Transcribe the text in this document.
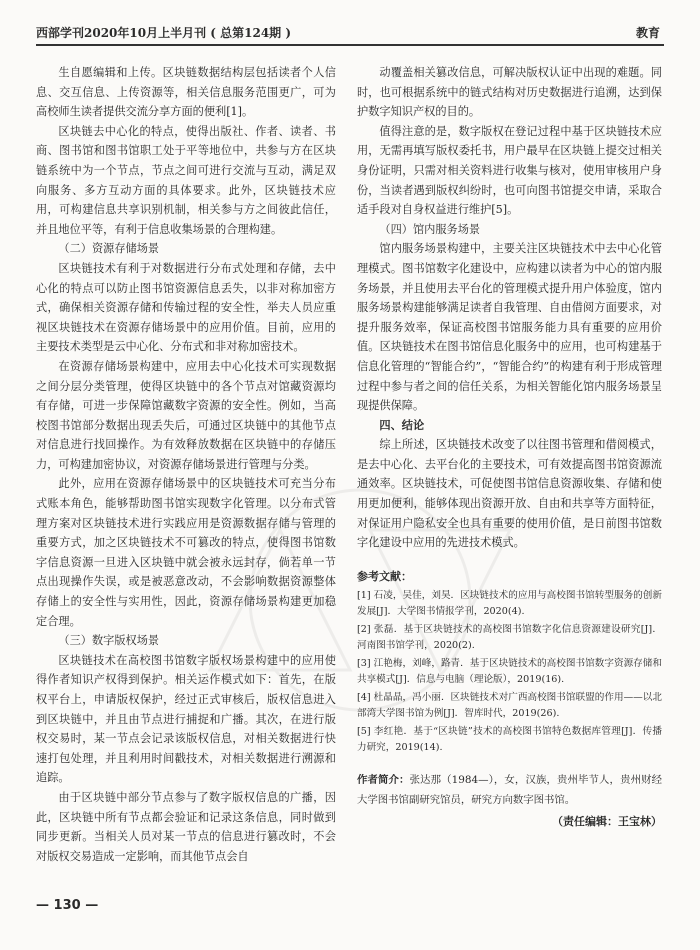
西部学刊2020年10月上半月刊 ( 总第124期 )	教育

生自愿编辑和上传。区块链数据结构层包括读者个人信息、交互信息、上传资源等，相关信息服务范围更广，可为高校师生读者提供交流分享方面的便利[1]。

区块链去中心化的特点，使得出版社、作者、读者、书商、图书馆和图书馆职工处于平等地位中，共参与方在区块链系统中为一个节点，节点之间可进行交流与互动，满足双向服务、多方互动方面的具体要求。此外，区块链技术应用，可构建信息共享识别机制，相关参与方之间彼此信任，并且地位平等，有利于信息收集场景的合理构建。

（二）资源存储场景

区块链技术有利于对数据进行分布式处理和存储，去中心化的特点可以防止图书馆资源信息丢失，以非对称加密方式，确保相关资源存储和传输过程的安全性，举夫人员应重视区块链技术在资源存储场景中的应用价值。目前，应用的主要技术类型是云中心化、分布式和非对称加密技术。

在资源存储场景构建中，应用去中心化技术可实现数据之间分层分类管理，使得区块链中的各个节点对馆藏资源均有存储，可进一步保障馆藏数字资源的安全性。例如，当高校图书馆部分数据出现丢失后，可通过区块链中的其他节点对信息进行找回操作。为有效释放数据在区块链中的存储压力，可构建加密协议，对资源存储场景进行管理与分类。

此外，应用在资源存储场景中的区块链技术可充当分布式账本角色，能够帮助图书馆实现数字化管理。以分布式管理方案对区块链技术进行实践应用是资源数据存储与管理的重要方式，加之区块链技术不可篡改的特点，使得图书馆数字信息资源一旦进入区块链中就会被永远封存，倘若单一节点出现操作失误，或是被恶意改动，不会影响数据资源整体存储上的安全性与实用性，因此，资源存储场景构建更加稳定合理。

（三）数字版权场景

区块链技术在高校图书馆数字版权场景构建中的应用使得作者知识产权得到保护。相关运作模式如下：首先，在版权平台上，申请版权保护，经过正式审核后，版权信息进入到区块链中，并且由节点进行捕捉和广播。其次，在进行版权交易时，某一节点会记录该版权信息，对相关数据进行快速打包处理，并且利用时间戳技术，对相关数据进行溯源和追踪。

由于区块链中部分节点参与了数字版权信息的广播，因此，区块链中所有节点都会验证和记录这条信息，同时做到同步更新。当相关人员对某一节点的信息进行篡改时，不会对版权交易造成一定影响，而其他节点会自

动覆盖相关篡改信息，可解决版权认证中出现的难题。同时，也可根据系统中的链式结构对历史数据进行追溯，达到保护数字知识产权的目的。

值得注意的是，数字版权在登记过程中基于区块链技术应用，无需再填写版权委托书，用户最早在区块链上提交过相关身份证明，只需对相关资料进行收集与核对，使用审核用户身份，当读者遇到版权纠纷时，也可向图书馆提交申请，采取合适手段对自身权益进行维护[5]。

（四）馆内服务场景

馆内服务场景构建中，主要关注区块链技术中去中心化管理模式。图书馆数字化建设中，应构建以读者为中心的馆内服务场景，并且使用去平台化的管理模式提升用户体验度，馆内服务场景构建能够满足读者自我管理、自由借阅方面要求，对提升服务效率，保证高校图书馆服务能力具有重要的应用价值。区块链技术在图书馆信息化服务中的应用，也可构建基于信息化管理的“智能合约”，“智能合约”的构建有利于形成管理过程中参与者之间的信任关系，为相关智能化馆内服务场景呈现提供保障。

四、结论

综上所述，区块链技术改变了以往图书管理和借阅模式，是去中心化、去平台化的主要技术，可有效提高图书馆资源流通效率。区块链技术，可促使图书馆信息资源收集、存储和使用更加便利，能够体现出资源开放、自由和共享等方面特征，对保证用户隐私安全也具有重要的使用价值，是日前图书馆数字化建设中应用的先进技术模式。

参考文献：
[1] 石凌，吴佳，刘昊．区块链技术的应用与高校图书馆转型服务的创新发展[J]．大学图书情报学刊，2020(4).
[2] 张磊．基于区块链技术的高校图书馆数字化信息资源建设研究[J]．河南图书馆学刊，2020(2).
[3] 江艳梅，刘峰，路青．基于区块链技术的高校图书馆数字资源存储和共享模式[J]．信息与电脑（理论版），2019(16).
[4] 杜晶晶，冯小丽．区块链技术对广西高校图书馆联盟的作用——以北部湾大学图书馆为例[J]．智库时代，2019(26).
[5] 李红艳．基于“区块链”技术的高校图书馆特色数据库管理[J]．传播力研究，2019(14).
作者简介：张达那（1984—），女，汉族，贵州毕节人，贵州财经大学图书馆副研究馆员，研究方向数字图书馆。
（责任编辑：王宝林）
— 130 —
